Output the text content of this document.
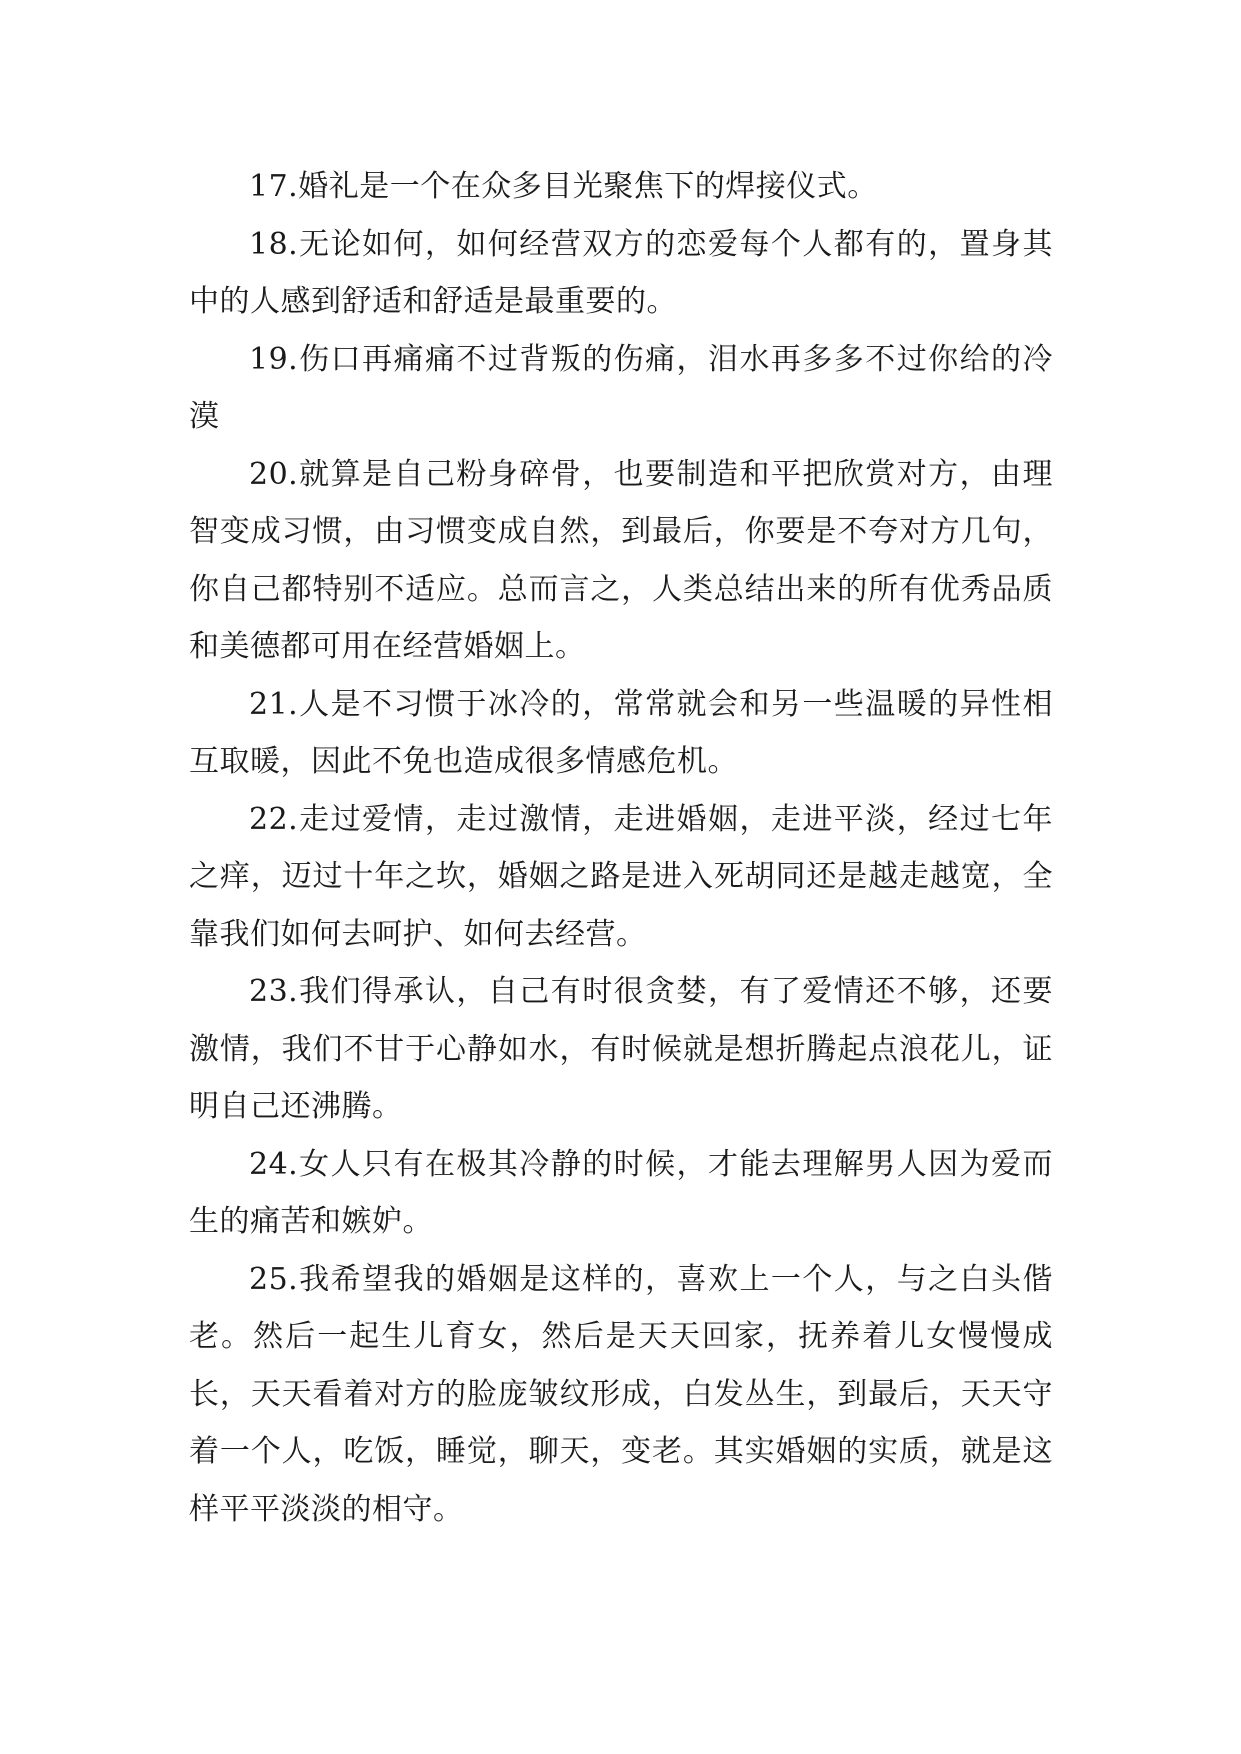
17.婚礼是一个在众多目光聚焦下的焊接仪式。

18.无论如何，如何经营双方的恋爱每个人都有的，置身其中的人感到舒适和舒适是最重要的。

19.伤口再痛痛不过背叛的伤痛，泪水再多多不过你给的冷漠

20.就算是自己粉身碎骨，也要制造和平把欣赏对方，由理智变成习惯，由习惯变成自然，到最后，你要是不夸对方几句，你自己都特别不适应。总而言之，人类总结出来的所有优秀品质和美德都可用在经营婚姻上。

21.人是不习惯于冰冷的，常常就会和另一些温暖的异性相互取暖，因此不免也造成很多情感危机。

22.走过爱情，走过激情，走进婚姻，走进平淡，经过七年之痒，迈过十年之坎，婚姻之路是进入死胡同还是越走越宽，全靠我们如何去呵护、如何去经营。

23.我们得承认，自己有时很贪婪，有了爱情还不够，还要激情，我们不甘于心静如水，有时候就是想折腾起点浪花儿，证明自己还沸腾。

24.女人只有在极其冷静的时候，才能去理解男人因为爱而生的痛苦和嫉妒。

25.我希望我的婚姻是这样的，喜欢上一个人，与之白头偕老。然后一起生儿育女，然后是天天回家，抚养着儿女慢慢成长，天天看着对方的脸庞皱纹形成，白发丛生，到最后，天天守着一个人，吃饭，睡觉，聊天，变老。其实婚姻的实质，就是这样平平淡淡的相守。
